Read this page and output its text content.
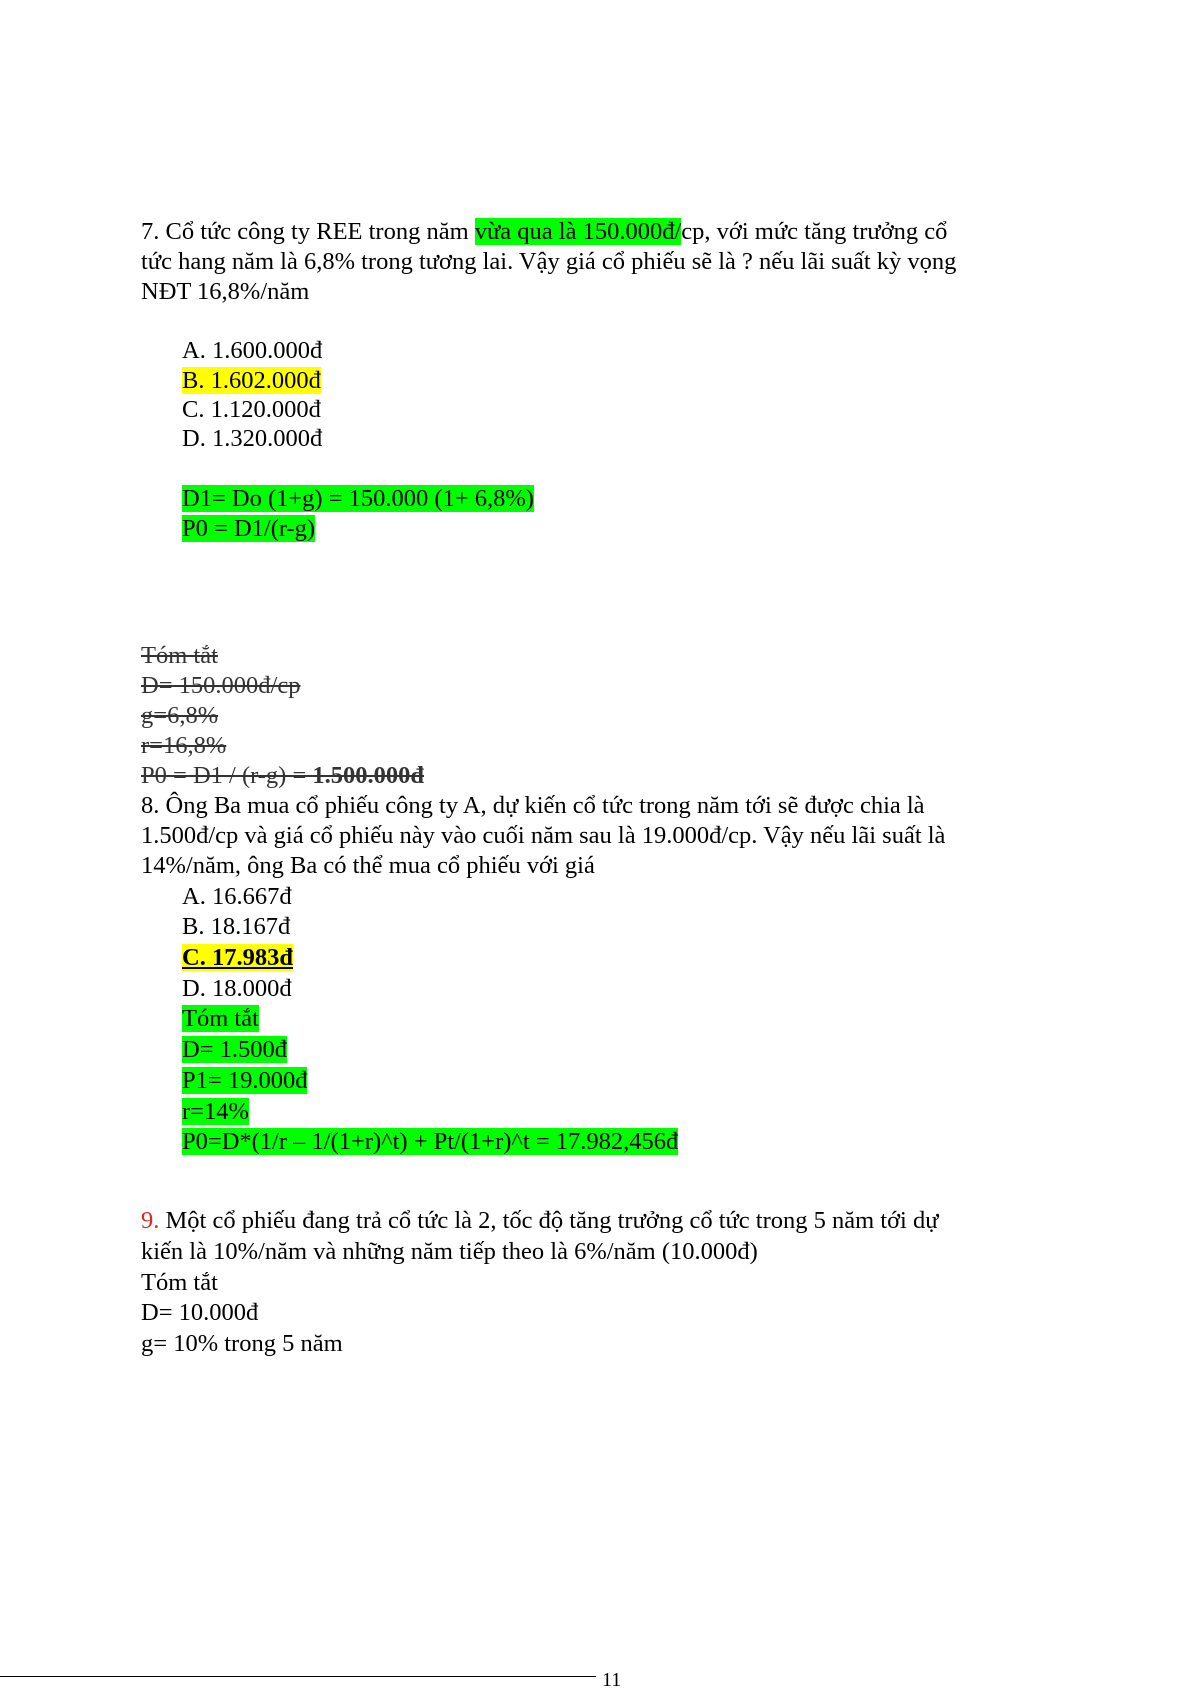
7. Cổ tức công ty REE trong năm vừa qua là 150.000đ/cp, với mức tăng trưởng cổ
tức hang năm là 6,8% trong tương lai. Vậy giá cổ phiếu sẽ là ? nếu lãi suất kỳ vọng
NĐT 16,8%/năm
A. 1.600.000đ
B. 1.602.000đ
C. 1.120.000đ
D. 1.320.000đ
D1= Do (1+g) = 150.000 (1+ 6,8%)
P0 = D1/(r-g)
Tóm tắt
D= 150.000đ/cp
g=6,8%
r=16,8%
P0 = D1 / (r-g) = 1.500.000đ
8. Ông Ba mua cổ phiếu công ty A, dự kiến cổ tức trong năm tới sẽ được chia là
1.500đ/cp và giá cổ phiếu này vào cuối năm sau là 19.000đ/cp. Vậy nếu lãi suất là
14%/năm, ông Ba có thể mua cổ phiếu với giá
A. 16.667đ
B. 18.167đ
C. 17.983đ
D. 18.000đ
Tóm tắt
D= 1.500đ
P1= 19.000đ
r=14%
P0=D*(1/r – 1/(1+r)^t) + Pt/(1+r)^t = 17.982,456đ
9. Một cổ phiếu đang trả cổ tức là 2, tốc độ tăng trưởng cổ tức trong 5 năm tới dự
kiến là 10%/năm và những năm tiếp theo là 6%/năm (10.000đ)
Tóm tắt
D= 10.000đ
g= 10% trong 5 năm
11
